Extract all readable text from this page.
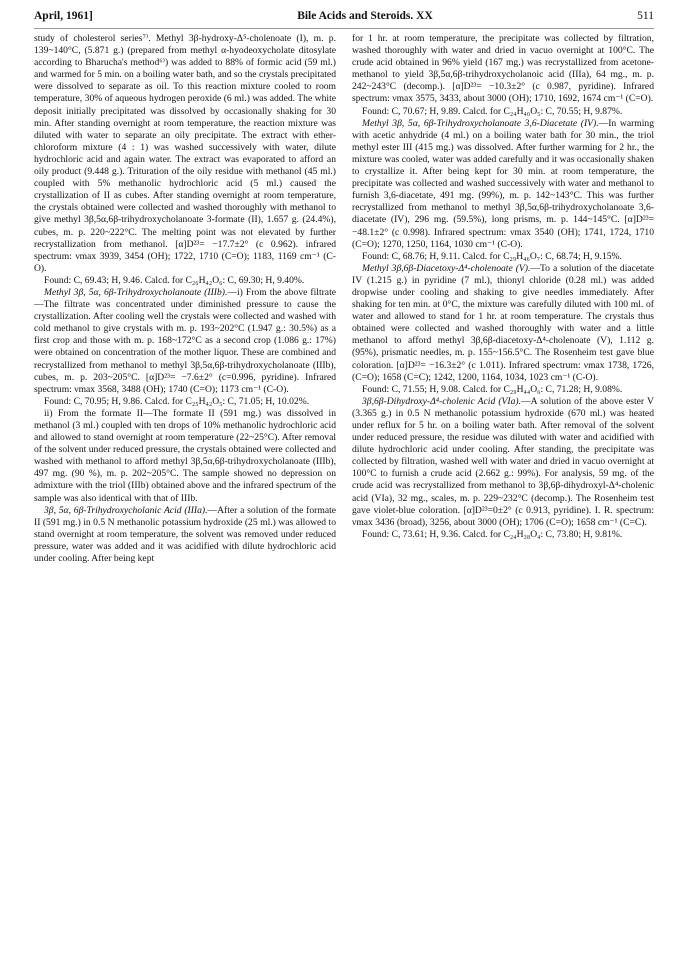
April, 1961]	Bile Acids and Steroids. XX	511

study of cholesterol series⁷⁾. Methyl 3β-hydroxy-Δ⁵-cholenoate (I), m. p. 139~140°C, (5.871 g.) (prepared from methyl α-hyodeoxycholate ditosylate according to Bharucha's method⁶⁾) was added to 88% of formic acid (59 ml.) and warmed for 5 min. on a boiling water bath, and so the crystals precipitated were dissolved to separate as oil. To this reaction mixture cooled to room temperature, 30% of aqueous hydrogen peroxide (6 ml.) was added. The white deposit initially precipitated was dissolved by occasionally shaking for 30 min. After standing overnight at room temperature, the reaction mixture was diluted with water to separate an oily precipitate. The extract with ether-chloroform mixture (4 : 1) was washed successively with water, dilute hydrochloric acid and again water. The extract was evaporated to afford an oily product (9.448 g.). Trituration of the oily residue with methanol (45 ml.) coupled with 5% methanolic hydrochloric acid (5 ml.) caused the crystallization of II as cubes. After standing overnight at room temperature, the crystals obtained were collected and washed thoroughly with methanol to give methyl 3β,5α,6β-trihydroxycholanoate 3-formate (II), 1.657 g. (24.4%), cubes, m. p. 220~222°C. The melting point was not elevated by further recrystallization from methanol. [α]D²³= −17.7±2° (c 0.962). infrared spectrum: νmax 3939, 3454 (OH); 1722, 1710 (C=O); 1183, 1169 cm⁻¹ (C-O).

Found: C, 69.43; H, 9.46. Calcd. for C₂₆H₄₂O₆: C, 69.30; H, 9.40%.

Methyl 3β, 5α, 6β-Trihydroxycholanoate (IIIb).—i) From the above filtrate—The filtrate was concentrated under diminished pressure to cause the crystallization. After cooling well the crystals were collected and washed with cold methanol to give crystals with m. p. 193~202°C (1.947 g.: 30.5%) as a first crop and those with m. p. 168~172°C as a second crop (1.086 g.: 17%) were obtained on concentration of the mother liquor. These are combined and recrystallized from methanol to methyl 3β,5α,6β-trihydroxycholanoate (IIIb), cubes, m. p. 203~205°C. [α]D²³= −7.6±2° (c=0.996, pyridine). Infrared spectrum: νmax 3568, 3488 (OH); 1740 (C=O); 1173 cm⁻¹ (C-O).

Found: C, 70.95; H, 9.86. Calcd. for C₂₅H₄₂O₅: C, 71.05; H, 10.02%.

ii) From the formate II—The formate II (591 mg.) was dissolved in methanol (3 ml.) coupled with ten drops of 10% methanolic hydrochloric acid and allowed to stand overnight at room temperature (22~25°C). After removal of the solvent under reduced pressure, the crystals obtained were collected and washed with methanol to afford methyl 3β,5α,6β-trihydroxycholanoate (IIIb), 497 mg. (90 %), m. p. 202~205°C. The sample showed no depression on admixture with the triol (IIIb) obtained above and the infrared spectrum of the sample was also identical with that of IIIb.

3β, 5α, 6β-Trihydroxycholanic Acid (IIIa).—After a solution of the formate II (591 mg.) in 0.5 N methanolic potassium hydroxide (25 ml.) was allowed to stand overnight at room temperature, the solvent was removed under reduced pressure, water was added and it was acidified with dilute hydrochloric acid under cooling. After being kept

for 1 hr. at room temperature, the precipitate was collected by filtration, washed thoroughly with water and dried in vacuo overnight at 100°C. The crude acid obtained in 96% yield (167 mg.) was recrystallized from acetone-methanol to yield 3β,5α,6β-trihydroxycholanoic acid (IIIa), 64 mg., m. p. 242~243°C (decomp.). [α]D²³= −10.3±2° (c 0.987, pyridine). Infrared spectrum: νmax 3575, 3433, about 3000 (OH); 1710, 1692, 1674 cm⁻¹ (C=O).

Found: C, 70.67; H, 9.89. Calcd. for C₂₄H₄₀O₅: C, 70.55; H, 9.87%.

Methyl 3β, 5α, 6β-Trihydroxycholanoate 3,6-Diacetate (IV).—In warming with acetic anhydride (4 ml.) on a boiling water bath for 30 min., the triol methyl ester III (415 mg.) was dissolved. After further warming for 2 hr., the mixture was cooled, water was added carefully and it was occasionally shaken to crystallize it. After being kept for 30 min. at room temperature, the precipitate was collected and washed successively with water and methanol to furnish 3,6-diacetate, 491 mg. (99%), m. p. 142~143°C. This was further recrystallized from methanol to methyl 3β,5α,6β-trihydroxycholanoate 3,6-diacetate (IV), 296 mg. (59.5%), long prisms, m. p. 144~145°C. [α]D²³= −48.1±2° (c 0.998). Infrared spectrum: νmax 3540 (OH); 1741, 1724, 1710 (C=O); 1270, 1250, 1164, 1030 cm⁻¹ (C-O).

Found: C, 68.76; H, 9.11. Calcd. for C₂₉H₄₆O₇: C, 68.74; H, 9.15%.

Methyl 3β,6β-Diacetoxy-Δ⁴-cholenoate (V).—To a solution of the diacetate IV (1.215 g.) in pyridine (7 ml.), thionyl chloride (0.28 ml.) was added dropwise under cooling and shaking to give needles immediately. After shaking for ten min. at 0°C, the mixture was carefully diluted with 100 ml. of water and allowed to stand for 1 hr. at room temperature. The crystals thus obtained were collected and washed thoroughly with water and a little methanol to afford methyl 3β,6β-diacetoxy-Δ⁴-cholenoate (V), 1.112 g. (95%), prismatic needles, m. p. 155~156.5°C. The Rosenheim test gave blue coloration. [α]D²³= −16.3±2° (c 1.011). Infrared spectrum: νmax 1738, 1726, (C=O); 1658 (C=C); 1242, 1200, 1164, 1034, 1023 cm⁻¹ (C-O).

Found: C, 71.55; H, 9.08. Calcd. for C₂₉H₄₄O₆: C, 71.28; H, 9.08%.

3β,6β-Dihydroxy-Δ⁴-cholenic Acid (VIa).—A solution of the above ester V (3.365 g.) in 0.5 N methanolic potassium hydroxide (670 ml.) was heated under reflux for 5 hr. on a boiling water bath. After removal of the solvent under reduced pressure, the residue was diluted with water and acidified with dilute hydrochloric acid under cooling. After standing, the precipitate was collected by filtration, washed well with water and dried in vacuo overnight at 100°C to furnish a crude acid (2.662 g.: 99%). For analysis, 59 mg. of the crude acid was recrystallized from methanol to 3β,6β-dihydroxyl-Δ⁴-cholenic acid (VIa), 32 mg., scales, m. p. 229~232°C (decomp.). The Rosenheim test gave violet-blue coloration. [α]D²³=0±2° (c 0.913, pyridine). I. R. spectrum: νmax 3436 (broad), 3256, about 3000 (OH); 1706 (C=O); 1658 cm⁻¹ (C=C).

Found: C, 73.61; H, 9.36. Calcd. for C₂₄H₃₈O₄: C, 73.80; H, 9.81%.
